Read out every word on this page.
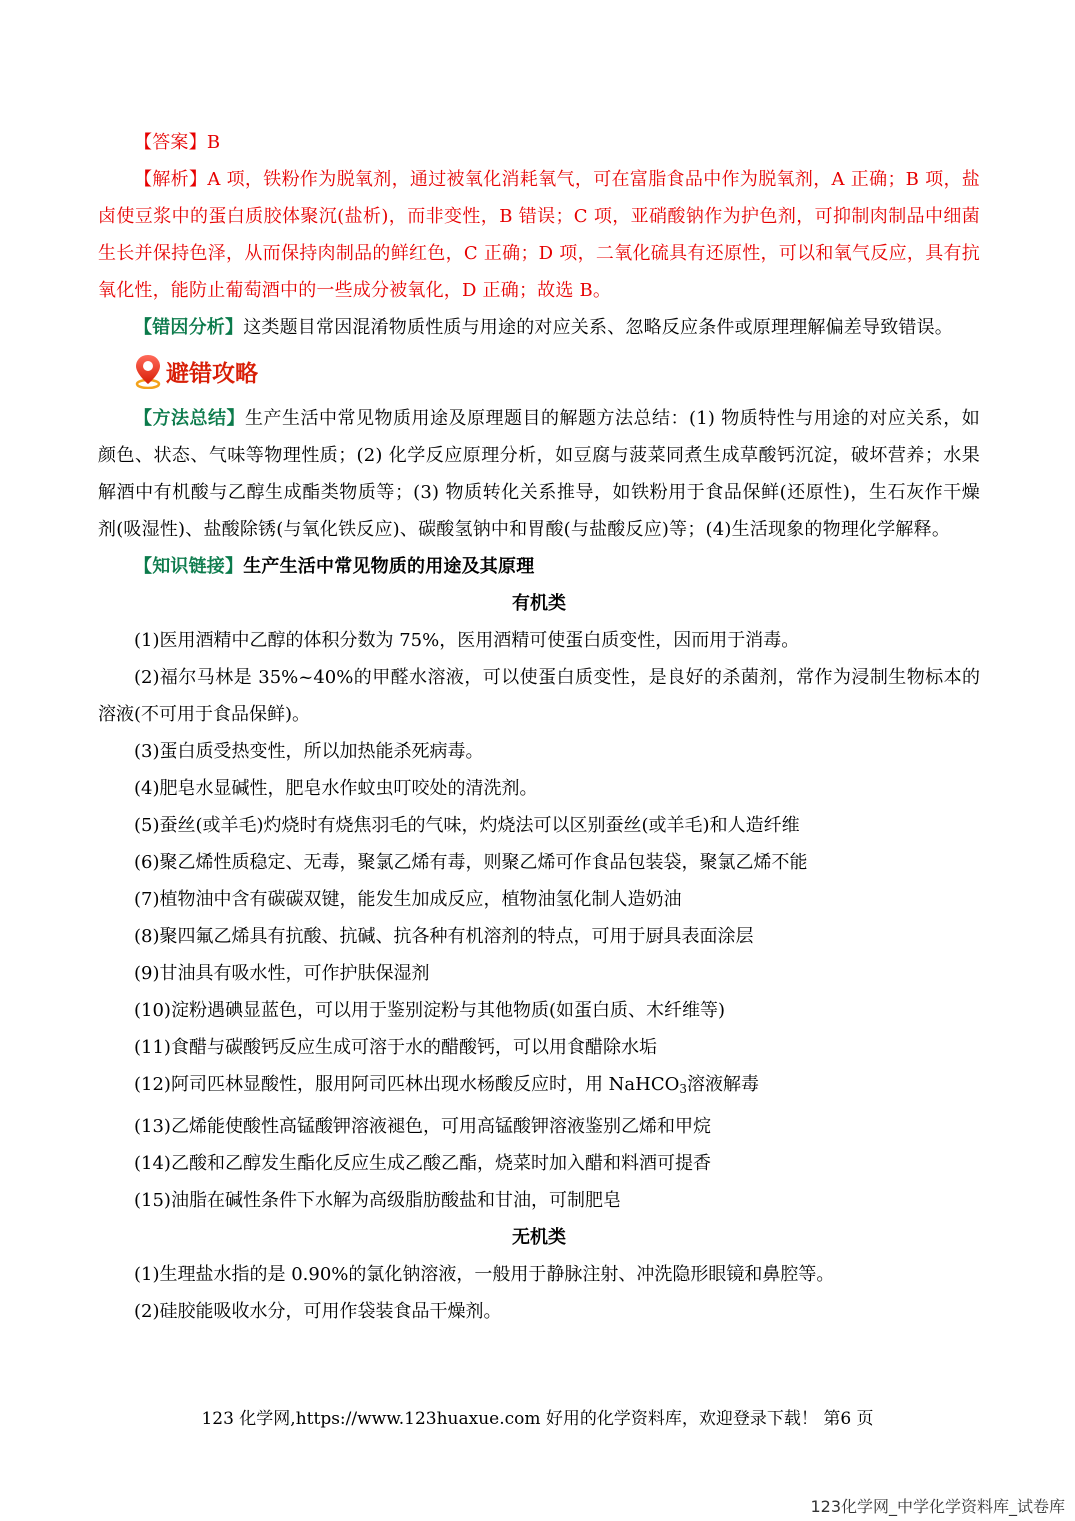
【答案】B

【解析】A 项，铁粉作为脱氧剂，通过被氧化消耗氧气，可在富脂食品中作为脱氧剂，A 正确；B 项，盐卤使豆浆中的蛋白质胶体聚沉(盐析)，而非变性，B 错误；C 项，亚硝酸钠作为护色剂，可抑制肉制品中细菌生长并保持色泽，从而保持肉制品的鲜红色，C 正确；D 项，二氧化硫具有还原性，可以和氧气反应，具有抗氧化性，能防止葡萄酒中的一些成分被氧化，D 正确；故选 B。

【错因分析】这类题目常因混淆物质性质与用途的对应关系、忽略反应条件或原理理解偏差导致错误。

避错攻略

【方法总结】生产生活中常见物质用途及原理题目的解题方法总结：(1) 物质特性与用途的对应关系，如颜色、状态、气味等物理性质；(2) 化学反应原理分析，如豆腐与菠菜同煮生成草酸钙沉淀，破坏营养；水果解酒中有机酸与乙醇生成酯类物质等；(3) 物质转化关系推导，如铁粉用于食品保鲜(还原性)，生石灰作干燥剂(吸湿性)、盐酸除锈(与氧化铁反应)、碳酸氢钠中和胃酸(与盐酸反应)等；(4)生活现象的物理化学解释。

【知识链接】生产生活中常见物质的用途及其原理

有机类

(1)医用酒精中乙醇的体积分数为 75%，医用酒精可使蛋白质变性，因而用于消毒。

(2)福尔马林是 35%~40%的甲醛水溶液，可以使蛋白质变性，是良好的杀菌剂，常作为浸制生物标本的溶液(不可用于食品保鲜)。

(3)蛋白质受热变性，所以加热能杀死病毒。

(4)肥皂水显碱性，肥皂水作蚊虫叮咬处的清洗剂。

(5)蚕丝(或羊毛)灼烧时有烧焦羽毛的气味，灼烧法可以区别蚕丝(或羊毛)和人造纤维

(6)聚乙烯性质稳定、无毒，聚氯乙烯有毒，则聚乙烯可作食品包装袋，聚氯乙烯不能

(7)植物油中含有碳碳双键，能发生加成反应，植物油氢化制人造奶油

(8)聚四氟乙烯具有抗酸、抗碱、抗各种有机溶剂的特点，可用于厨具表面涂层

(9)甘油具有吸水性，可作护肤保湿剂

(10)淀粉遇碘显蓝色，可以用于鉴别淀粉与其他物质(如蛋白质、木纤维等)

(11)食醋与碳酸钙反应生成可溶于水的醋酸钙，可以用食醋除水垢

(12)阿司匹林显酸性，服用阿司匹林出现水杨酸反应时，用 NaHCO$_3$溶液解毒

(13)乙烯能使酸性高锰酸钾溶液褪色，可用高锰酸钾溶液鉴别乙烯和甲烷

(14)乙酸和乙醇发生酯化反应生成乙酸乙酯，烧菜时加入醋和料酒可提香

(15)油脂在碱性条件下水解为高级脂肪酸盐和甘油，可制肥皂

无机类

(1)生理盐水指的是 0.90%的氯化钠溶液，一般用于静脉注射、冲洗隐形眼镜和鼻腔等。

(2)硅胶能吸收水分，可用作袋装食品干燥剂。

123 化学网,https://www.123huaxue.com 好用的化学资料库，欢迎登录下载！ 第6 页
123化学网_中学化学资料库_试卷库
